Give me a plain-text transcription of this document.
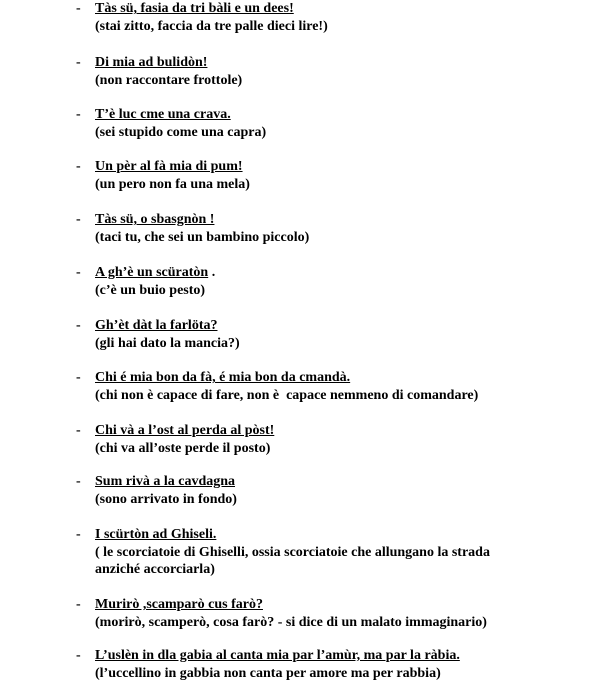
- Tàs sü, fasia da tri bàli e un dees!
(stai zitto, faccia da tre palle dieci lire!)
- Di mia ad bulidòn!
(non raccontare frottole)
- T’è luc cme una crava.
(sei stupido come una capra)
- Un pèr al fà mia di pum!
(un pero non fa una mela)
- Tàs sü, o sbasgnòn !
(taci tu, che sei un bambino piccolo)
- A gh’è un scüratòn .
(c’è un buio pesto)
- Gh’èt dàt la farlöta?
(gli hai dato la mancia?)
- Chi é mia bon da fà, é mia bon da cmandà.
(chi non è capace di fare, non è  capace nemmeno di comandare)
- Chi và a l’ost al perda al pòst!
(chi va all’oste perde il posto)
- Sum rivà a la cavdagna
(sono arrivato in fondo)
- I scürtòn ad Ghiseli.
( le scorciatoie di Ghiselli, ossia scorciatoie che allungano la strada anziché accorciarla)
- Murirò ,scamparò cus farò?
(morirò, scamperò, cosa farò? - si dice di un malato immaginario)
- L’uslèn in dla gabia al canta mia par l’amùr, ma par la ràbia.
(l’uccellino in gabbia non canta per amore ma per rabbia)
